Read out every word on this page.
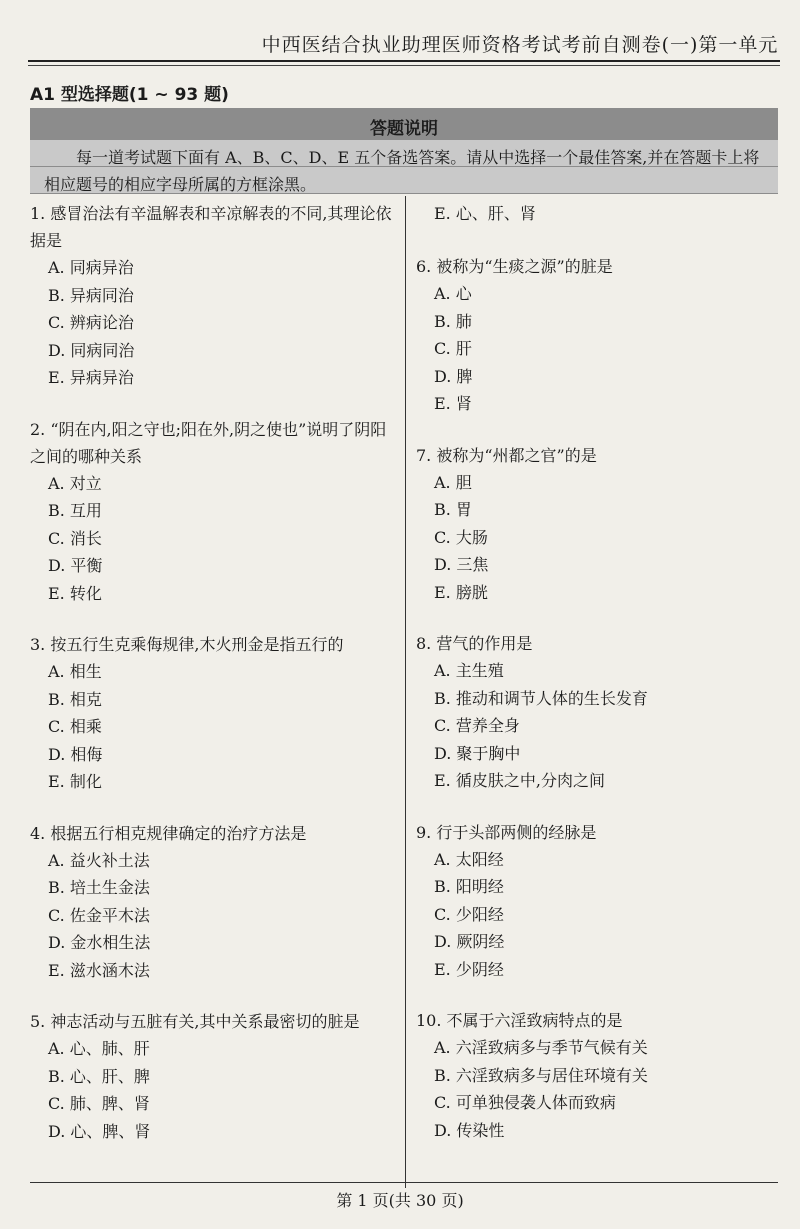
中西医结合执业助理医师资格考试考前自测卷(一)第一单元
A1 型选择题(1 ~ 93 题)
答题说明
每一道考试题下面有 A、B、C、D、E 五个备选答案。请从中选择一个最佳答案,并在答题卡上将相应题号的相应字母所属的方框涂黑。
1. 感冒治法有辛温解表和辛凉解表的不同,其理论依据是
A. 同病异治
B. 异病同治
C. 辨病论治
D. 同病同治
E. 异病异治
2. “阴在内,阳之守也;阳在外,阴之使也”说明了阴阳之间的哪种关系
A. 对立
B. 互用
C. 消长
D. 平衡
E. 转化
3. 按五行生克乘侮规律,木火刑金是指五行的
A. 相生
B. 相克
C. 相乘
D. 相侮
E. 制化
4. 根据五行相克规律确定的治疗方法是
A. 益火补土法
B. 培土生金法
C. 佐金平木法
D. 金水相生法
E. 滋水涵木法
5. 神志活动与五脏有关,其中关系最密切的脏是
A. 心、肺、肝
B. 心、肝、脾
C. 肺、脾、肾
D. 心、脾、肾
E. 心、肝、肾
6. 被称为“生痰之源”的脏是
A. 心
B. 肺
C. 肝
D. 脾
E. 肾
7. 被称为“州都之官”的是
A. 胆
B. 胃
C. 大肠
D. 三焦
E. 膀胱
8. 营气的作用是
A. 主生殖
B. 推动和调节人体的生长发育
C. 营养全身
D. 聚于胸中
E. 循皮肤之中,分肉之间
9. 行于头部两侧的经脉是
A. 太阳经
B. 阳明经
C. 少阳经
D. 厥阴经
E. 少阴经
10. 不属于六淫致病特点的是
A. 六淫致病多与季节气候有关
B. 六淫致病多与居住环境有关
C. 可单独侵袭人体而致病
D. 传染性
第 1 页(共 30 页)
